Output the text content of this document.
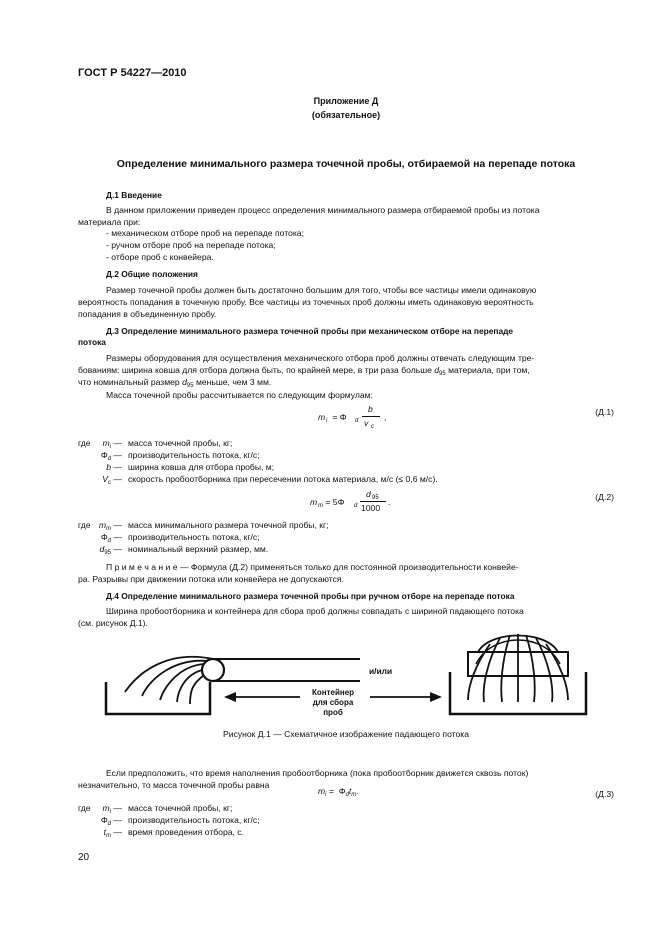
ГОСТ Р 54227—2010
Приложение Д
(обязательное)
Определение минимального размера точечной пробы, отбираемой на перепаде потока
Д.1 Введение
В данном приложении приведен процесс определения минимального размера отбираемой пробы из потока
материала при:
- механическом отборе проб на перепаде потока;
- ручном отборе проб на перепаде потока;
- отборе проб с конвейера.
Д.2 Общие положения
Размер точечной пробы должен быть достаточно большим для того, чтобы все частицы имели одинаковую
вероятность попадания в точечную пробу. Все частицы из точечных проб должны иметь одинаковую вероятность
попадания в объединенную пробу.
Д.3 Определение минимального размера точечной пробы при механическом отборе на перепаде
потока
Размеры оборудования для осуществления механического отбора проб должны отвечать следующим тре-
бованиям: ширина ковша для отбора должна быть, по крайней мере, в три раза больше $d_{95}$ материала, при том,
что номинальный размер $d_{95}$ меньше, чем 3 мм.
Масса точечной пробы рассчитывается по следующим формулам:
m i = Φ d
b
v c
,	(Д.1)
где	$m_i$ — масса точечной пробы, кг;
$\Phi_d$ — производительность потока, кг/с;
b — ширина ковша для отбора пробы, м;
$V_c$ — скорость пробоотборника при пересечении потока материала, м/с (≤ 0,6 м/с).
m m = 5Φ d
d 95
1000
.	(Д.2)
где $m_m$ — масса минимального размера точечной пробы, кг;
$\Phi_d$ — производительность потока, кг/с;
$d_{95}$ — номинальный верхний размер, мм.
П р и м е ч а н и е — Формула (Д.2) применяться только для постоянной производительности конвейе-
ра. Разрывы при движении потока или конвейера не допускаются.
Д.4 Определение минимального размера точечной пробы при ручном отборе на перепаде потока
Ширина пробоотборника и контейнера для сбора проб должны совпадать с шириной падающего потока
(см. рисунок Д.1).
и/или
Контейнер
для сбора проб
Рисунок Д.1 — Схематичное изображение падающего потока
Если предположить, что время наполнения пробоотборника (пока пробоотборник движется сквозь поток)
незначительно, то масса точечной пробы равна
$m_i = \Phi_dt_m$.	(Д.3)
где	$m_i$ — масса точечной пробы, кг;
$\Phi_d$ — производительность потока, кг/с;
$t_m$ — время проведения отбора, с.
20
